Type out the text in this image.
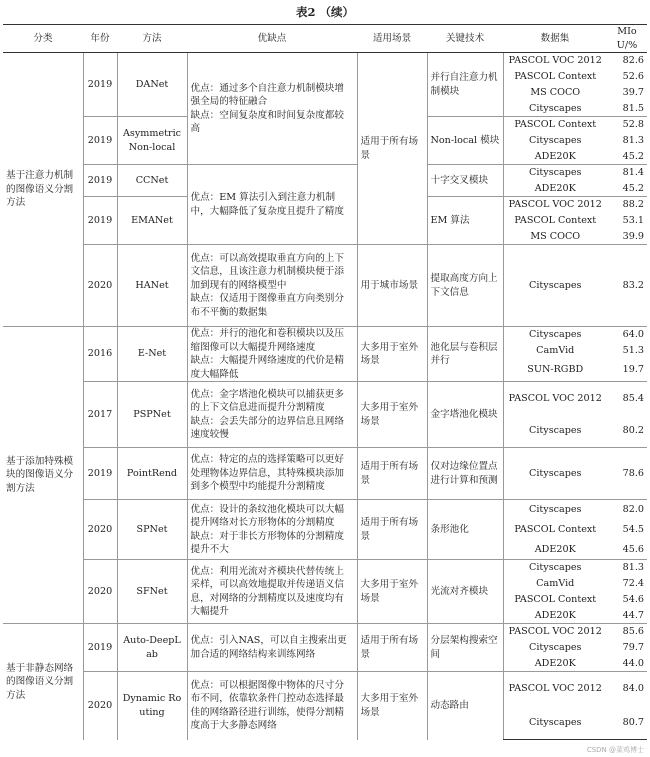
表2 （续）
分类	年份	方法	优缺点	适用场景	关键技术	数据集	MIoU/%
基于注意力机制的图像语义分割方法	2019	DANet	优点：通过多个自注意力机制模块增强全局的特征融合
缺点：空间复杂度和时间复杂度都较高	适用于所有场景	并行自注意力机制模块	PASCOL VOC 2012	82.6
						PASCOL Context	52.6
						MS COCO	39.7
						Cityscapes	81.5
	2019	Asymmetric Non-local			Non-local 模块	PASCOL Context	52.8
						Cityscapes	81.3
						ADE20K	45.2
	2019	CCNet	优点：EM 算法引入到注意力机制中，大幅降低了复杂度且提升了精度		十字交叉模块	Cityscapes	81.4
						ADE20K	45.2
	2019	EMANet			EM 算法	PASCOL VOC 2012	88.2
						PASCOL Context	53.1
						MS COCO	39.9
	2020	HANet	优点：可以高效提取垂直方向的上下文信息，且该注意力机制模块便于添加到现有的网络模型中
缺点：仅适用于图像垂直方向类别分布不平衡的数据集	用于城市场景	提取高度方向上下文信息	Cityscapes	83.2
基于添加特殊模块的图像语义分割方法	2016	E-Net	优点：并行的池化和卷积模块以及压缩图像可以大幅提升网络速度
缺点：大幅提升网络速度的代价是精度大幅降低	大多用于室外场景	池化层与卷积层并行	Cityscapes	64.0
						CamVid	51.3
						SUN-RGBD	19.7
	2017	PSPNet	优点：金字塔池化模块可以捕获更多的上下文信息进而提升分割精度
缺点：会丢失部分的边界信息且网络速度较慢	大多用于室外场景	金字塔池化模块	PASCOL VOC 2012	85.4
						Cityscapes	80.2
	2019	PointRend	优点：特定的点的选择策略可以更好处理物体边界信息，其特殊模块添加到多个模型中均能提升分割精度	适用于所有场景	仅对边缘位置点进行计算和预测	Cityscapes	78.6
	2020	SPNet	优点：设计的条纹池化模块可以大幅提升网络对长方形物体的分割精度
缺点：对于非长方形物体的分割精度提升不大	适用于所有场景	条形池化	Cityscapes	82.0
						PASCOL Context	54.5
						ADE20K	45.6
	2020	SFNet	优点：利用光流对齐模块代替传统上采样，可以高效地提取并传递语义信息，对网络的分割精度以及速度均有大幅提升	大多用于室外场景	光流对齐模块	Cityscapes	81.3
						CamVid	72.4
						PASCOL Context	54.6
						ADE20K	44.7
基于非静态网络的图像语义分割方法	2019	Auto-DeepLab	优点：引入NAS，可以自主搜索出更加合适的网络结构来训练网络	适用于所有场景	分层架构搜索空间	PASCOL VOC 2012	85.6
						Cityscapes	79.7
						ADE20K	44.0
	2020	Dynamic Routing	优点：可以根据图像中物体的尺寸分布不同，依靠软条件门控动态选择最佳的网络路径进行训练，使得分割精度高于大多静态网络	大多用于室外场景	动态路由	PASCOL VOC 2012	84.0
						Cityscapes	80.7
CSDN @菜鸡博士
